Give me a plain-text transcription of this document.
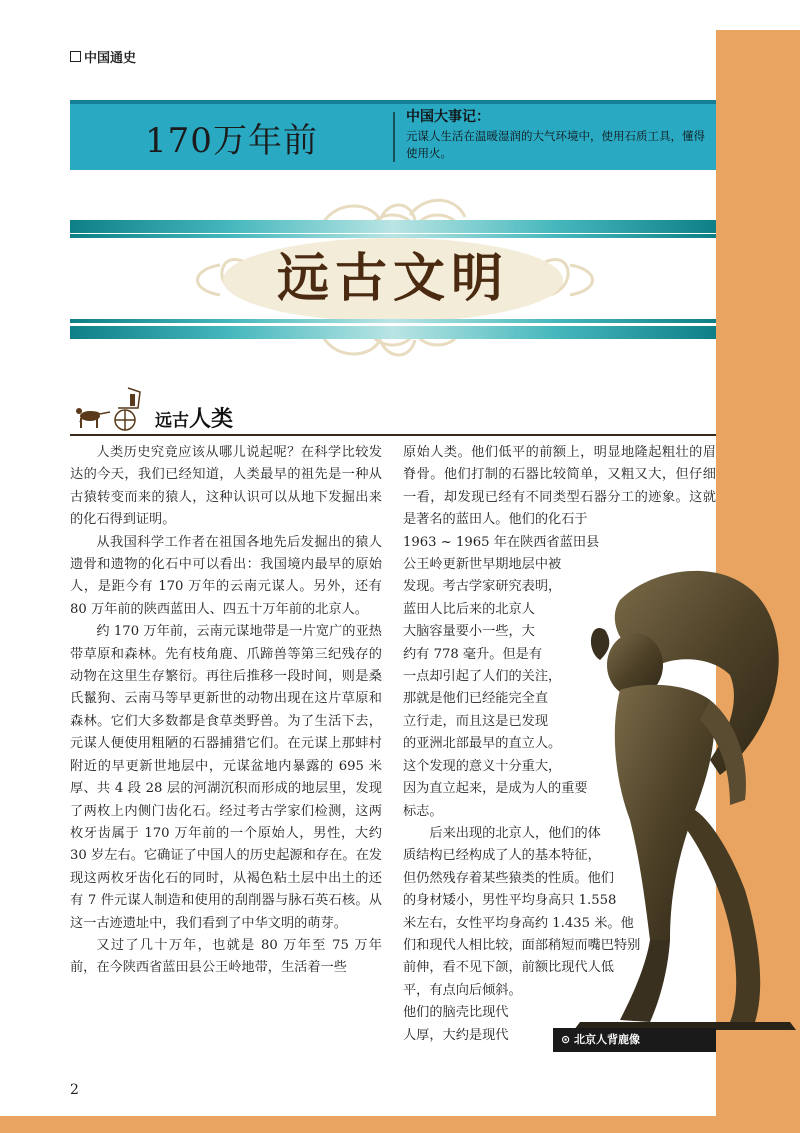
中国通史
170万年前
中国大事记：
元谋人生活在温暖湿润的大气环境中，使用石质工具，懂得使用火。
远古文明
远古人类

人类历史究竟应该从哪儿说起呢？在科学比较发达的今天，我们已经知道，人类最早的祖先是一种从古猿转变而来的猿人，这种认识可以从地下发掘出来的化石得到证明。

从我国科学工作者在祖国各地先后发掘出的猿人遗骨和遗物的化石中可以看出：我国境内最早的原始人，是距今有 170 万年的云南元谋人。另外，还有 80 万年前的陕西蓝田人、四五十万年前的北京人。

约 170 万年前，云南元谋地带是一片宽广的亚热带草原和森林。先有枝角鹿、爪蹄兽等第三纪残存的动物在这里生存繁衍。再往后推移一段时间，则是桑氏鬣狗、云南马等早更新世的动物出现在这片草原和森林。它们大多数都是食草类野兽。为了生活下去，元谋人便使用粗陋的石器捕猎它们。在元谋上那蚌村附近的早更新世地层中，元谋盆地内暴露的 695 米厚、共 4 段 28 层的河湖沉积而形成的地层里，发现了两枚上内侧门齿化石。经过考古学家们检测，这两枚牙齿属于 170 万年前的一个原始人，男性，大约 30 岁左右。它确证了中国人的历史起源和存在。在发现这两枚牙齿化石的同时，从褐色粘土层中出土的还有 7 件元谋人制造和使用的刮削器与脉石英石核。从这一古迹遗址中，我们看到了中华文明的萌芽。

又过了几十万年，也就是 80 万年至 75 万年前，在今陕西省蓝田县公王岭地带，生活着一些

原始人类。他们低平的前额上，明显地隆起粗壮的眉脊骨。他们打制的石器比较简单，又粗又大，但仔细一看，却发现已经有不同类型石器分工的迹象。这就是著名的蓝田人。他们的化石于

1963 ~ 1965 年在陕西省蓝田县
公王岭更新世早期地层中被
发现。考古学家研究表明，
蓝田人比后来的北京人
大脑容量要小一些，大
约有 778 毫升。但是有
一点却引起了人们的关注，
那就是他们已经能完全直
立行走，而且这是已发现
的亚洲北部最早的直立人。
这个发现的意义十分重大，
因为直立起来，是成为人的重要
标志。
后来出现的北京人，他们的体
质结构已经构成了人的基本特征，
但仍然残存着某些猿类的性质。他们
的身材矮小，男性平均身高只 1.558
米左右，女性平均身高约 1.435 米。他
们和现代人相比较，面部稍短而嘴巴特别
前伸，看不见下颌，前额比现代人低
平，有点向后倾斜。
他们的脑壳比现代
人厚，大约是现代
2
⊙ 北京人背鹿像
